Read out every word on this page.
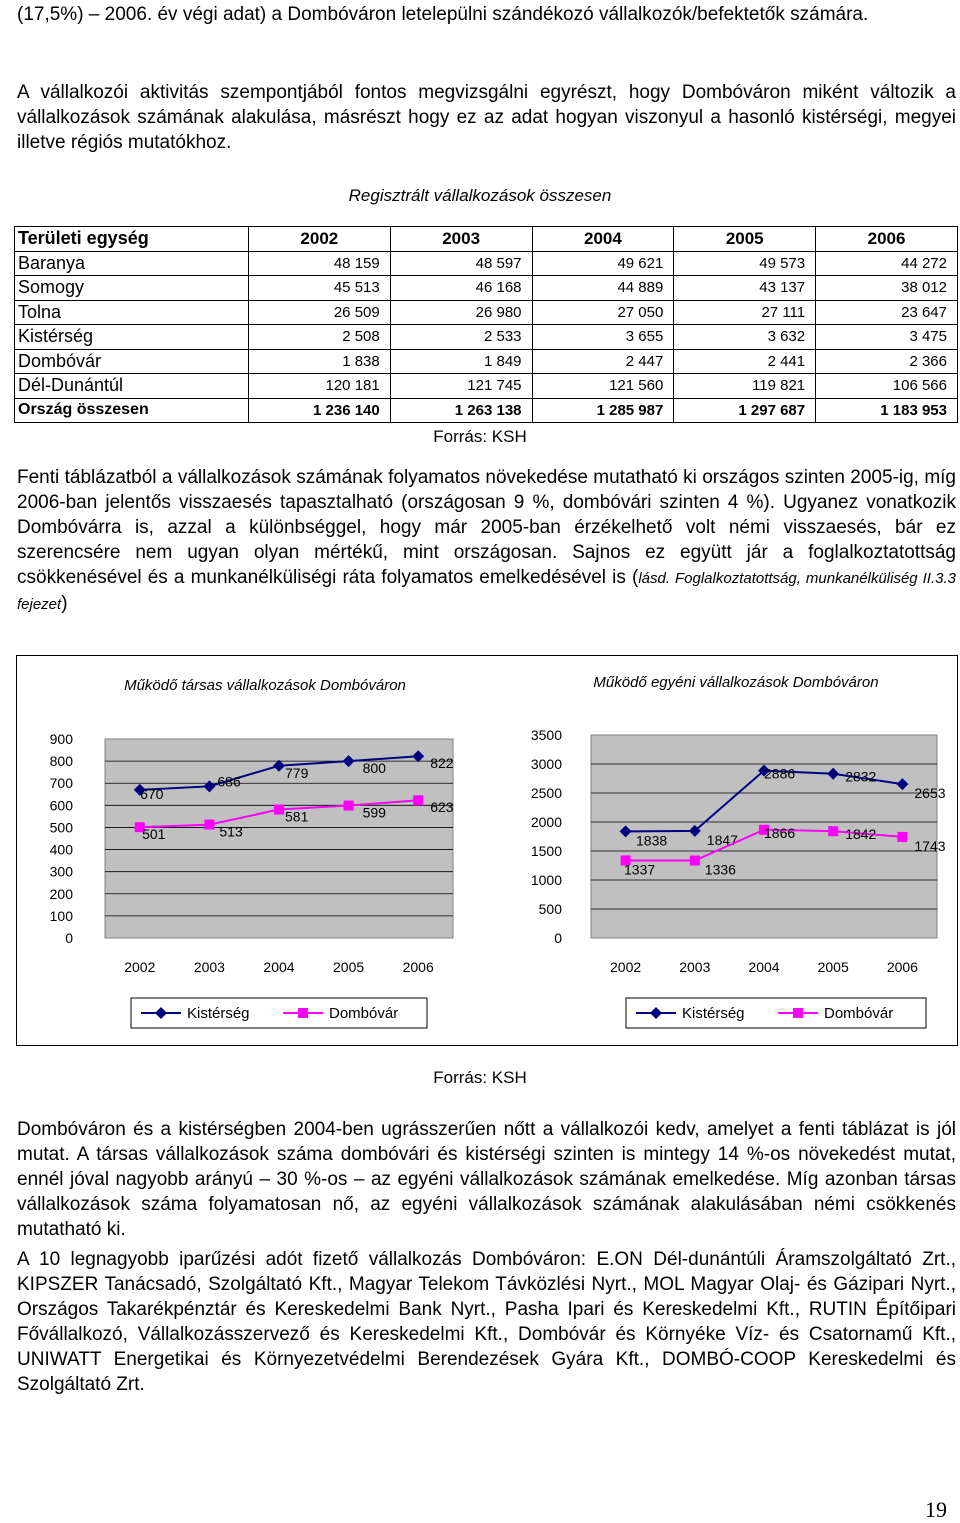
(17,5%) – 2006. év végi adat) a Dombóváron letelepülni szándékozó vállalkozók/befektetők számára.

A vállalkozói aktivitás szempontjából fontos megvizsgálni egyrészt, hogy Dombóváron miként változik a vállalkozások számának alakulása, másrészt hogy ez az adat hogyan viszonyul a hasonló kistérségi, megyei illetve régiós mutatókhoz.

Regisztrált vállalkozások összesen
Területi egység	2002	2003	2004	2005	2006
Baranya	48 159	48 597	49 621	49 573	44 272
Somogy	45 513	46 168	44 889	43 137	38 012
Tolna	26 509	26 980	27 050	27 111	23 647
Kistérség	2 508	2 533	3 655	3 632	3 475
Dombóvár	1 838	1 849	2 447	2 441	2 366
Dél-Dunántúl	120 181	121 745	121 560	119 821	106 566
Ország összesen	1 236 140	1 263 138	1 285 987	1 297 687	1 183 953
Forrás: KSH

Fenti táblázatból a vállalkozások számának folyamatos növekedése mutatható ki országos szinten 2005-ig, míg 2006-ban jelentős visszaesés tapasztalható (országosan 9 %, dombóvári szinten 4 %). Ugyanez vonatkozik Dombóvárra is, azzal a különbséggel, hogy már 2005-ban érzékelhető volt némi visszaesés, bár ez szerencsére nem ugyan olyan mértékű, mint országosan. Sajnos ez együtt jár a foglalkoztatottság csökkenésével és a munkanélküliségi ráta folyamatos emelkedésével is (lásd. Foglalkoztatottság, munkanélküliség II.3.3 fejezet)

Működő társas vállalkozások Dombóváron
0
100
200
300
400
500
600
700
800
900
2002	2003	2004	2005	2006
670
686
779	800	822
501	513
581	599	623
Kistérség	Dombóvár
Működő egyéni vállalkozások Dombóváron
0
500
1000
1500
2000
2500
3000
3500
2002	2003	2004	2005	2006
1838	1847
2886	2832
2653
1337	1336
1866	1842
1743
Kistérség	Dombóvár
Forrás: KSH

Dombóváron és a kistérségben 2004-ben ugrásszerűen nőtt a vállalkozói kedv, amelyet a fenti táblázat is jól mutat. A társas vállalkozások száma dombóvári és kistérségi szinten is mintegy 14 %-os növekedést mutat, ennél jóval nagyobb arányú – 30 %-os – az egyéni vállalkozások számának emelkedése. Míg azonban társas vállalkozások száma folyamatosan nő, az egyéni vállalkozások számának alakulásában némi csökkenés mutatható ki.

A 10 legnagyobb iparűzési adót fizető vállalkozás Dombóváron: E.ON Dél-dunántúli Áramszolgáltató Zrt., KIPSZER Tanácsadó, Szolgáltató Kft., Magyar Telekom Távközlési Nyrt., MOL Magyar Olaj- és Gázipari Nyrt., Országos Takarékpénztár és Kereskedelmi Bank Nyrt., Pasha Ipari és Kereskedelmi Kft., RUTIN Építőipari Fővállalkozó, Vállalkozásszervező és Kereskedelmi Kft., Dombóvár és Környéke Víz- és Csatornamű Kft., UNIWATT Energetikai és Környezetvédelmi Berendezések Gyára Kft., DOMBÓ-COOP Kereskedelmi és Szolgáltató Zrt.

19
